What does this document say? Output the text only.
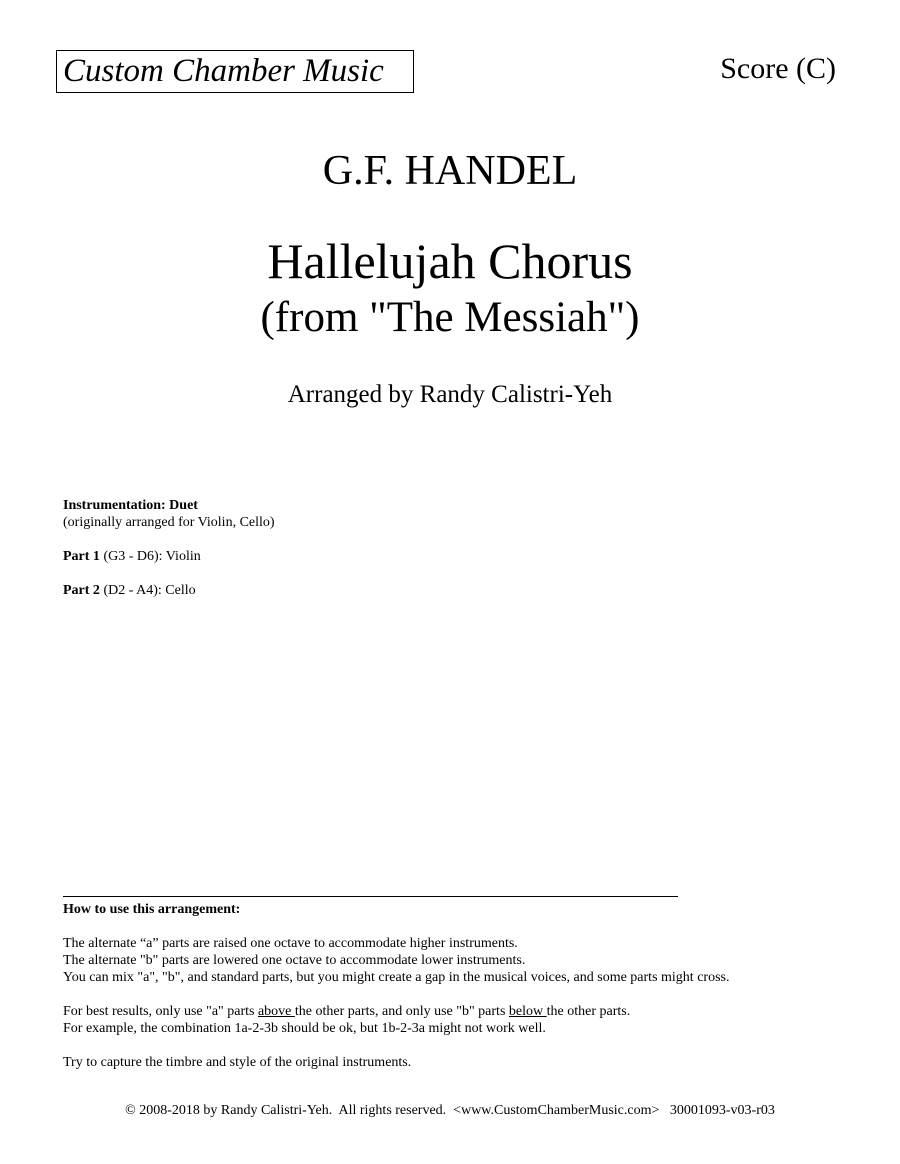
Custom Chamber Music	Score (C)
G.F. HANDEL
Hallelujah Chorus
(from "The Messiah")
Arranged by Randy Calistri-Yeh

Instrumentation: Duet

(originally arranged for Violin, Cello)

Part 1 (G3 - D6): Violin

Part 2 (D2 - A4): Cello

How to use this arrangement:

The alternate “a” parts are raised one octave to accommodate higher instruments.

The alternate "b" parts are lowered one octave to accommodate lower instruments.

You can mix "a", "b", and standard parts, but you might create a gap in the musical voices, and some parts might cross.

For best results, only use "a" parts above the other parts, and only use "b" parts below the other parts.

For example, the combination 1a-2-3b should be ok, but 1b-2-3a might not work well.

Try to capture the timbre and style of the original instruments.

© 2008-2018 by Randy Calistri-Yeh.  All rights reserved.  <www.CustomChamberMusic.com>   30001093-v03-r03
